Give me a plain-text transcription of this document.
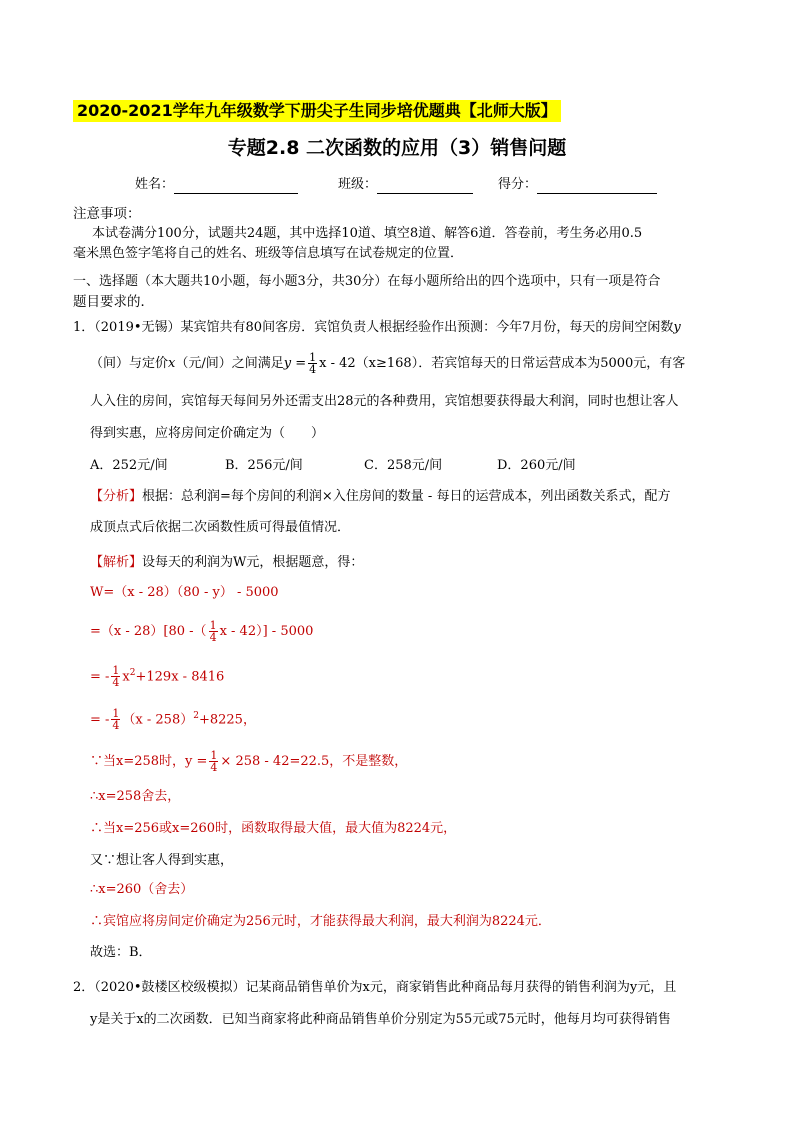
2020-2021学年九年级数学下册尖子生同步培优题典【北师大版】
专题2.8 二次函数的应用（3）销售问题
姓名：	班级：	得分：
注意事项：
本试卷满分100分，试题共24题，其中选择10道、填空8道、解答6道．答卷前，考生务必用0.5
毫米黑色签字笔将自己的姓名、班级等信息填写在试卷规定的位置．
一、选择题（本大题共10小题，每小题3分，共30分）在每小题所给出的四个选项中，只有一项是符合
题目要求的．
1．（2019•无锡）某宾馆共有80间客房．宾馆负责人根据经验作出预测：今年7月份，每天的房间空闲数y
（间）与定价x（元/间）之间满足$y = \frac{1}{4}$ x - 42（x≥168）．若宾馆每天的日常运营成本为5000元，有客
人入住的房间，宾馆每天每间另外还需支出28元的各种费用，宾馆想要获得最大利润，同时也想让客人
得到实惠，应将房间定价确定为（　　）
A．252元/间	B．256元/间	C．258元/间	D．260元/间
【分析】根据：总利润=每个房间的利润×入住房间的数量 - 每日的运营成本，列出函数关系式，配方
成顶点式后依据二次函数性质可得最值情况．
【解析】设每天的利润为W元，根据题意，得：
W=（x - 28）（80 - y） - 5000
=（x - 28）[80 -（ $\frac{1}{4}$ x - 42）] - 5000
= - $\frac{1}{4} x^2+129x - 8416$
= - $\frac{1}{4} (x - 258)^2+8225$，
∵当x=258时，$y = \frac{1}{4} \times 258 - 42=22.5$，不是整数，
∴x=258舍去，
∴当x=256或x=260时，函数取得最大值，最大值为8224元，
又∵想让客人得到实惠，
∴x=260（舍去）
∴宾馆应将房间定价确定为256元时，才能获得最大利润，最大利润为8224元．
故选：B．
2．（2020•鼓楼区校级模拟）记某商品销售单价为x元，商家销售此种商品每月获得的销售利润为y元，且
y是关于x的二次函数．已知当商家将此种商品销售单价分别定为55元或75元时，他每月均可获得销售
